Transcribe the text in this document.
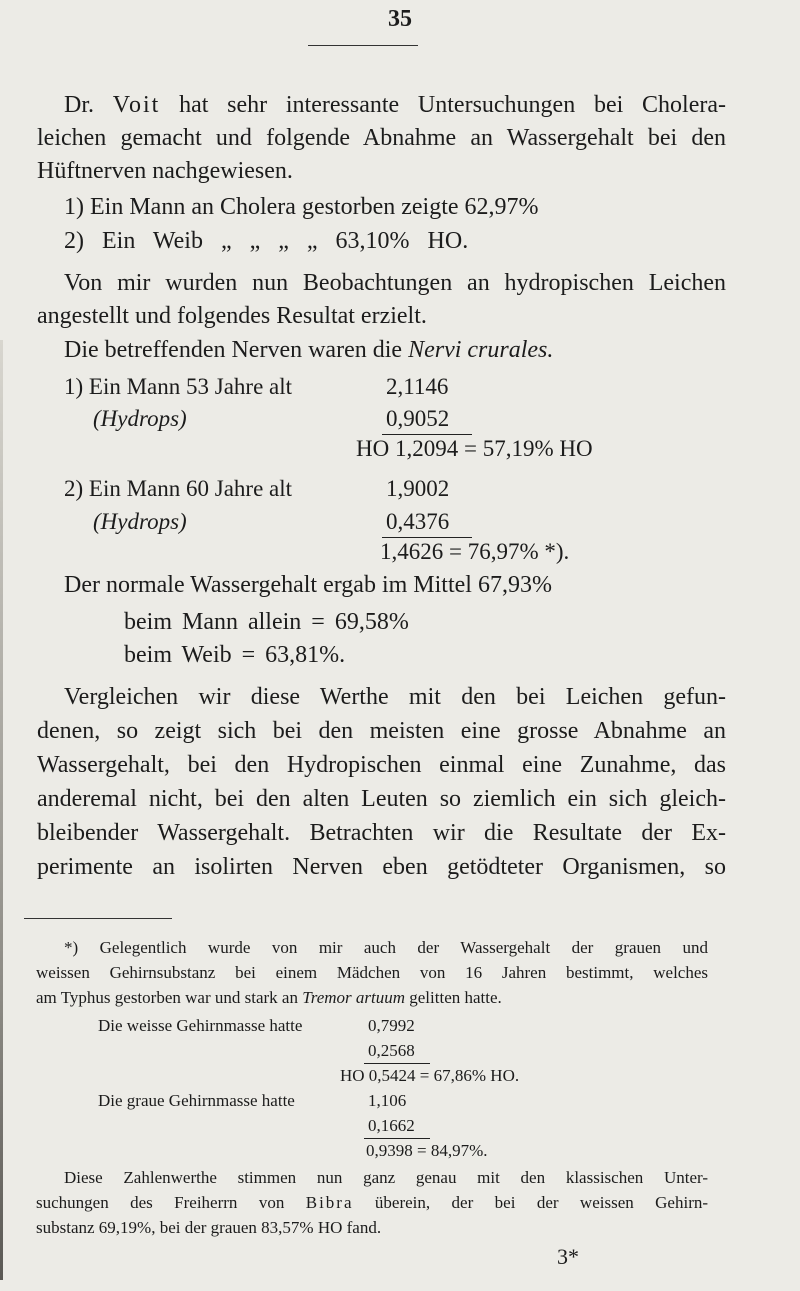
35
Dr. Voit hat sehr interessante Untersuchungen bei Cholera-
leichen gemacht und folgende Abnahme an Wassergehalt bei den
Hüftnerven nachgewiesen.
1) Ein Mann an Cholera gestorben zeigte 62,97%
2) Ein Weib „ „ „ „ 63,10% HO.
Von mir wurden nun Beobachtungen an hydropischen Leichen
angestellt und folgendes Resultat erzielt.
Die betreffenden Nerven waren die Nervi crurales.
1) Ein Mann 53 Jahre alt	2,1146
(Hydrops)	0,9052
HO 1,2094 = 57,19% HO
2) Ein Mann 60 Jahre alt	1,9002
(Hydrops)	0,4376
1,4626 = 76,97% *).
Der normale Wassergehalt ergab im Mittel 67,93%
beim Mann allein = 69,58%
beim Weib = 63,81%.
Vergleichen wir diese Werthe mit den bei Leichen gefun-
denen, so zeigt sich bei den meisten eine grosse Abnahme an
Wassergehalt, bei den Hydropischen einmal eine Zunahme, das
anderemal nicht, bei den alten Leuten so ziemlich ein sich gleich-
bleibender Wassergehalt. Betrachten wir die Resultate der Ex-
perimente an isolirten Nerven eben getödteter Organismen, so
*) Gelegentlich wurde von mir auch der Wassergehalt der grauen und
weissen Gehirnsubstanz bei einem Mädchen von 16 Jahren bestimmt, welches
am Typhus gestorben war und stark an Tremor artuum gelitten hatte.
Die weisse Gehirnmasse hatte	0,7992
0,2568
HO 0,5424 = 67,86% HO.
Die graue Gehirnmasse hatte	1,106
0,1662
0,9398 = 84,97%.
Diese Zahlenwerthe stimmen nun ganz genau mit den klassischen Unter-
suchungen des Freiherrn von Bibra überein, der bei der weissen Gehirn-
substanz 69,19%, bei der grauen 83,57% HO fand.
3*
